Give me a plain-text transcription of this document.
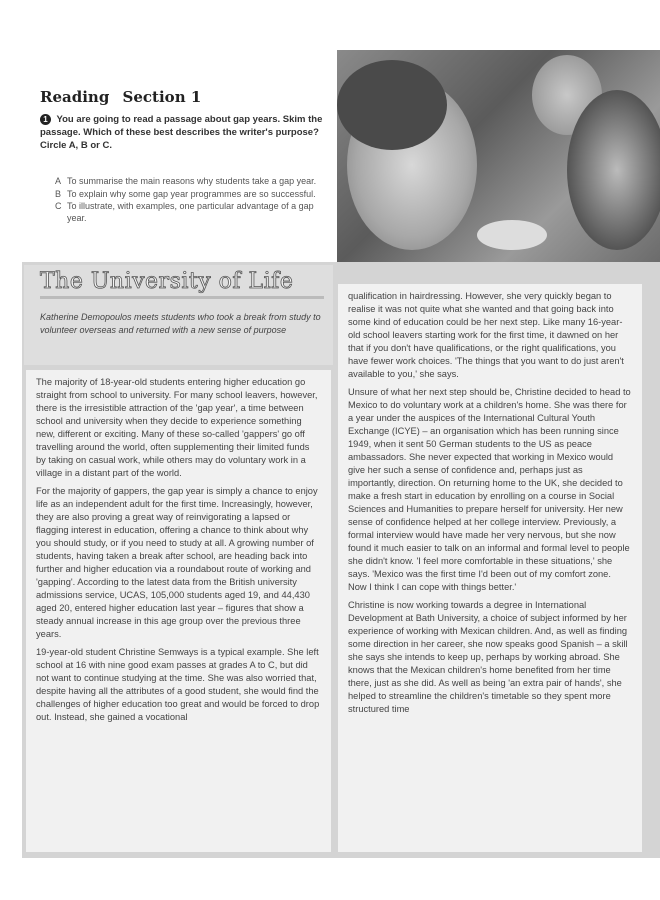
Reading Section 1
1 You are going to read a passage about gap years. Skim the passage. Which of these best describes the writer's purpose? Circle A, B or C.
A To summarise the main reasons why students take a gap year.
B To explain why some gap year programmes are so successful.
C To illustrate, with examples, one particular advantage of a gap year.
The University of Life
Katherine Demopoulos meets students who took a break from study to volunteer overseas and returned with a new sense of purpose

The majority of 18-year-old students entering higher education go straight from school to university. For many school leavers, however, there is the irresistible attraction of the 'gap year', a time between school and university when they decide to experience something new, different or exciting. Many of these so-called 'gappers' go off travelling around the world, often supplementing their limited funds by taking on casual work, while others may do voluntary work in a village in a distant part of the world.

For the majority of gappers, the gap year is simply a chance to enjoy life as an independent adult for the first time. Increasingly, however, they are also proving a great way of reinvigorating a lapsed or flagging interest in education, offering a chance to think about why you should study, or if you need to study at all. A growing number of students, having taken a break after school, are heading back into further and higher education via a roundabout route of working and 'gapping'. According to the latest data from the British university admissions service, UCAS, 105,000 students aged 19, and 44,430 aged 20, entered higher education last year – figures that show a steady annual increase in this age group over the previous three years.

19-year-old student Christine Semways is a typical example. She left school at 16 with nine good exam passes at grades A to C, but did not want to continue studying at the time. She was also worried that, despite having all the attributes of a good student, she would find the challenges of higher education too great and would be forced to drop out. Instead, she gained a vocational

qualification in hairdressing. However, she very quickly began to realise it was not quite what she wanted and that going back into some kind of education could be her next step. Like many 16-year-old school leavers starting work for the first time, it dawned on her that if you don't have qualifications, or the right qualifications, you have fewer work choices. 'The things that you want to do just aren't available to you,' she says.

Unsure of what her next step should be, Christine decided to head to Mexico to do voluntary work at a children's home. She was there for a year under the auspices of the International Cultural Youth Exchange (ICYE) – an organisation which has been running since 1949, when it sent 50 German students to the US as peace ambassadors. She never expected that working in Mexico would give her such a sense of confidence and, perhaps just as importantly, direction. On returning home to the UK, she decided to make a fresh start in education by enrolling on a course in Social Sciences and Humanities to prepare herself for university. Her new sense of confidence helped at her college interview. Previously, a formal interview would have made her very nervous, but she now found it much easier to talk on an informal and formal level to people she didn't know. 'I feel more comfortable in these situations,' she says. 'Mexico was the first time I'd been out of my comfort zone. Now I think I can cope with things better.'

Christine is now working towards a degree in International Development at Bath University, a choice of subject informed by her experience of working with Mexican children. And, as well as finding some direction in her career, she now speaks good Spanish – a skill she says she intends to keep up, perhaps by working abroad. She knows that the Mexican children's home benefited from her time there, just as she did. As well as being 'an extra pair of hands', she helped to streamline the children's timetable so they spent more structured time
